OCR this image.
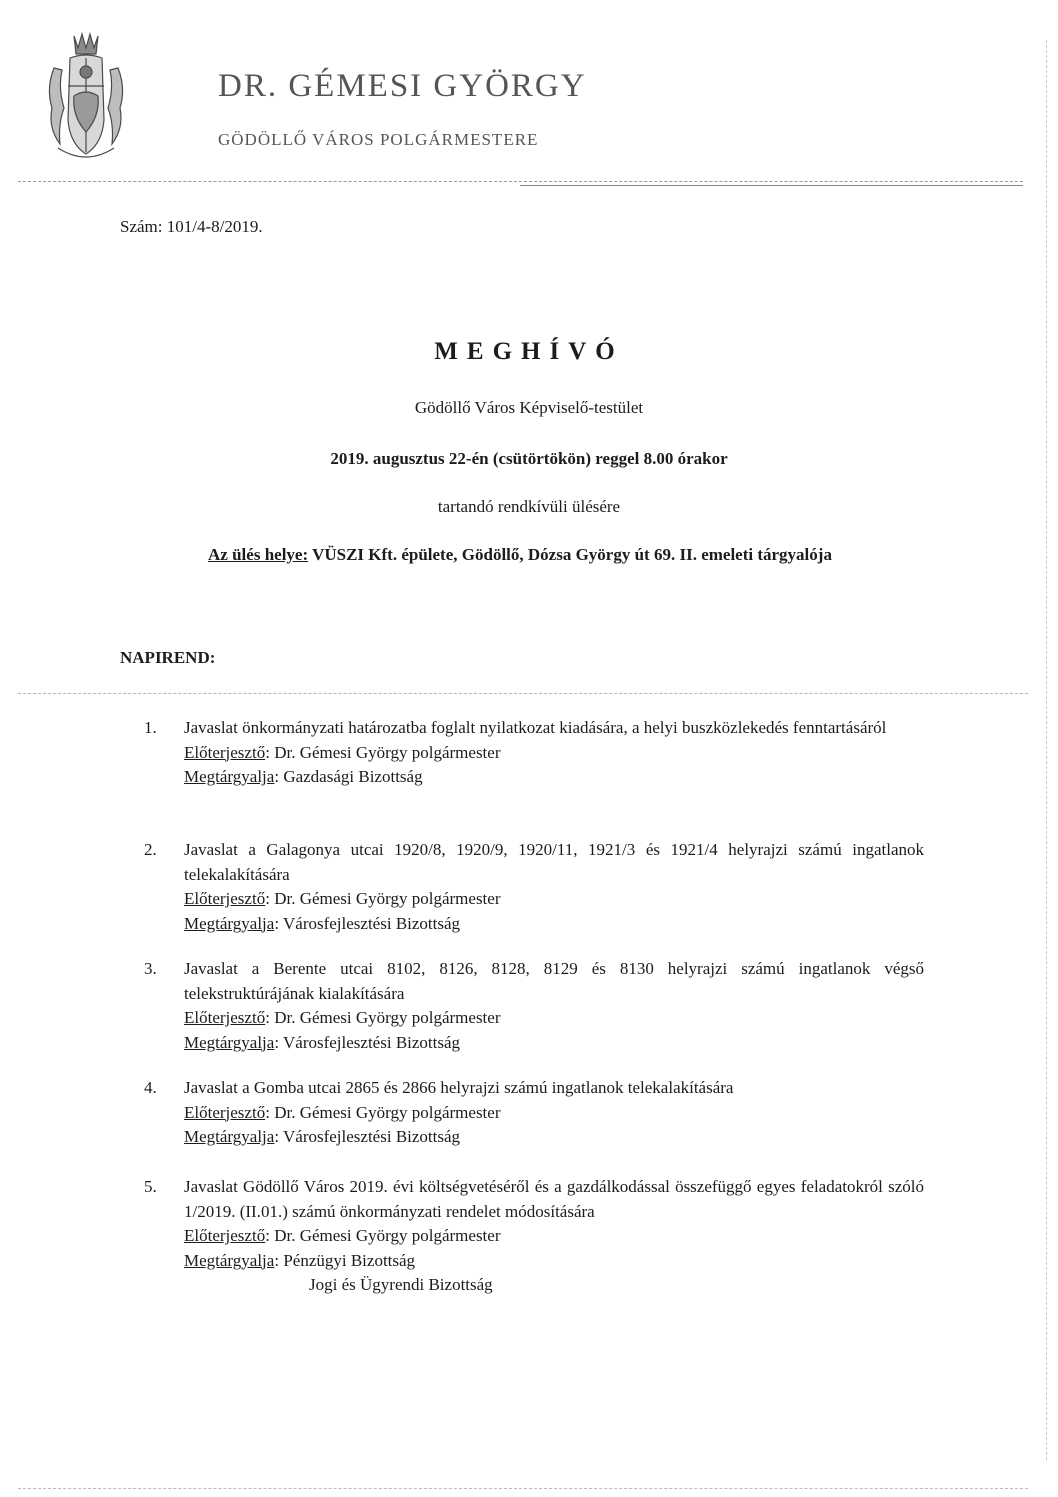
DR. GÉMESI GYÖRGY
GÖDÖLLŐ VÁROS POLGÁRMESTERE
Szám: 101/4-8/2019.
MEGHÍVÓ
Gödöllő Város Képviselő-testület
2019. augusztus 22-én (csütörtökön) reggel 8.00 órakor
tartandó rendkívüli ülésére
Az ülés helye: VÜSZI Kft. épülete, Gödöllő, Dózsa György út 69. II. emeleti tárgyalója
NAPIREND:
1.	Javaslat önkormányzati határozatba foglalt nyilatkozat kiadására, a helyi buszközlekedés fenntartásáról
Előterjesztő: Dr. Gémesi György polgármester
Megtárgyalja: Gazdasági Bizottság
2.	Javaslat a Galagonya utcai 1920/8, 1920/9, 1920/11, 1921/3 és 1921/4 helyrajzi számú ingatlanok telekalakítására
Előterjesztő: Dr. Gémesi György polgármester
Megtárgyalja: Városfejlesztési Bizottság
3.	Javaslat a Berente utcai 8102, 8126, 8128, 8129 és 8130 helyrajzi számú ingatlanok végső telekstruktúrájának kialakítására
Előterjesztő: Dr. Gémesi György polgármester
Megtárgyalja: Városfejlesztési Bizottság
4.	Javaslat a Gomba utcai 2865 és 2866 helyrajzi számú ingatlanok telekalakítására
Előterjesztő: Dr. Gémesi György polgármester
Megtárgyalja: Városfejlesztési Bizottság
5.	Javaslat Gödöllő Város 2019. évi költségvetéséről és a gazdálkodással összefüggő egyes feladatokról szóló 1/2019. (II.01.) számú önkormányzati rendelet módosítására
Előterjesztő: Dr. Gémesi György polgármester
Megtárgyalja: Pénzügyi Bizottság
Jogi és Ügyrendi Bizottság
